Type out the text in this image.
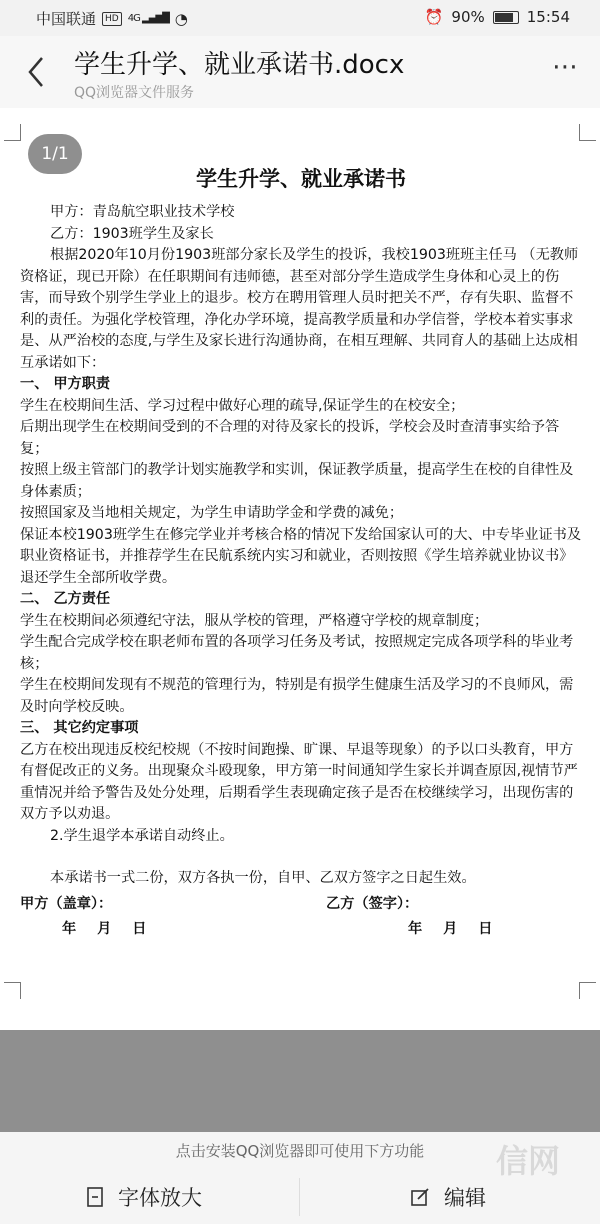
中国联通	HD 4G ▂▄▆█ ◔	⏰ 90%	15:54
学生升学、就业承诺书.docx
QQ浏览器文件服务
⋯
1/1
学生升学、就业承诺书

甲方：青岛航空职业技术学校

乙方：1903班学生及家长

根据2020年10月份1903班部分家长及学生的投诉，我校1903班班主任马 （无教师资格证，现已开除）在任职期间有违师德，甚至对部分学生造成学生身体和心灵上的伤害，而导致个别学生学业上的退步。校方在聘用管理人员时把关不严，存有失职、监督不利的责任。为强化学校管理，净化办学环境，提高教学质量和办学信誉，学校本着实事求是、从严治校的态度,与学生及家长进行沟通协商，在相互理解、共同育人的基础上达成相互承诺如下：

一、 甲方职责

学生在校期间生活、学习过程中做好心理的疏导,保证学生的在校安全；

后期出现学生在校期间受到的不合理的对待及家长的投诉，学校会及时查清事实给予答复；

按照上级主管部门的教学计划实施教学和实训，保证教学质量，提高学生在校的自律性及身体素质；

按照国家及当地相关规定，为学生申请助学金和学费的减免；

保证本校1903班学生在修完学业并考核合格的情况下发给国家认可的大、中专毕业证书及职业资格证书，并推荐学生在民航系统内实习和就业，否则按照《学生培养就业协议书》退还学生全部所收学费。

二、 乙方责任

学生在校期间必须遵纪守法，服从学校的管理，严格遵守学校的规章制度；

学生配合完成学校在职老师布置的各项学习任务及考试，按照规定完成各项学科的毕业考核；

学生在校期间发现有不规范的管理行为，特别是有损学生健康生活及学习的不良师风，需及时向学校反映。

三、 其它约定事项

乙方在校出现违反校纪校规（不按时间跑操、旷课、早退等现象）的予以口头教育，甲方有督促改正的义务。出现聚众斗殴现象，甲方第一时间通知学生家长并调查原因,视情节严重情况并给予警告及处分处理，后期看学生表现确定孩子是否在校继续学习，出现伤害的双方予以劝退。

2.学生退学本承诺自动终止。

本承诺书一式二份，双方各执一份，自甲、乙双方签字之日起生效。

甲方（盖章）：	乙方（签字）：
年 月 日	年 月 日
点击安装QQ浏览器即可使用下方功能	信网
字体放大	编辑
